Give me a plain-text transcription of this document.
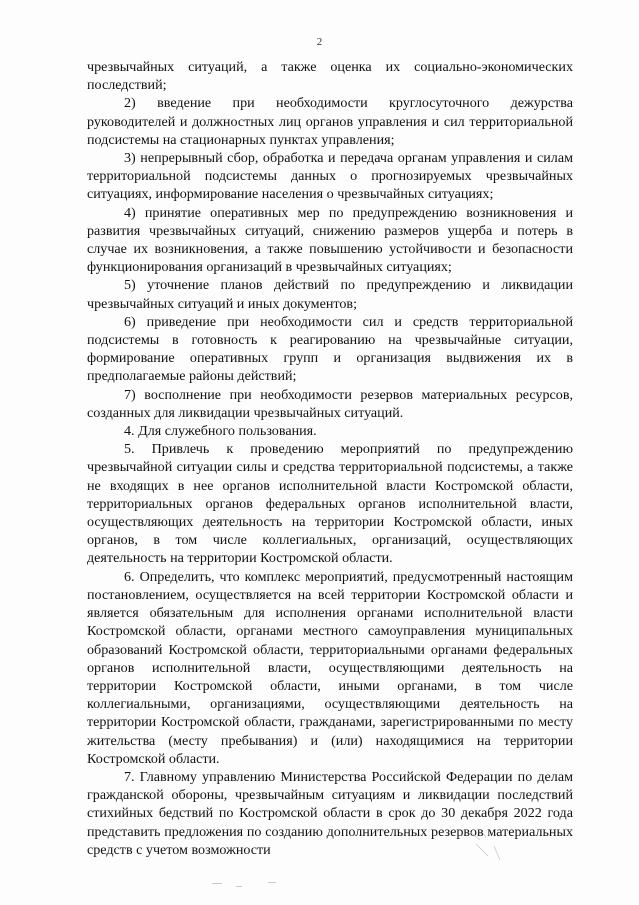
2

чрезвычайных ситуаций, а также оценка их социально-экономических последствий;

2) введение при необходимости круглосуточного дежурства руководителей и должностных лиц органов управления и сил территориальной подсистемы на стационарных пунктах управления;

3) непрерывный сбор, обработка и передача органам управления и силам территориальной подсистемы данных о прогнозируемых чрезвычайных ситуациях, информирование населения о чрезвычайных ситуациях;

4) принятие оперативных мер по предупреждению возникновения и развития чрезвычайных ситуаций, снижению размеров ущерба и потерь в случае их возникновения, а также повышению устойчивости и безопасности функционирования организаций в чрезвычайных ситуациях;

5) уточнение планов действий по предупреждению и ликвидации чрезвычайных ситуаций и иных документов;

6) приведение при необходимости сил и средств территориальной подсистемы в готовность к реагированию на чрезвычайные ситуации, формирование оперативных групп и организация выдвижения их в предполагаемые районы действий;

7) восполнение при необходимости резервов материальных ресурсов, созданных для ликвидации чрезвычайных ситуаций.

4. Для служебного пользования.

5. Привлечь к проведению мероприятий по предупреждению чрезвычайной ситуации силы и средства территориальной подсистемы, а также не входящих в нее органов исполнительной власти Костромской области, территориальных органов федеральных органов исполнительной власти, осуществляющих деятельность на территории Костромской области, иных органов, в том числе коллегиальных, организаций, осуществляющих деятельность на территории Костромской области.

6. Определить, что комплекс мероприятий, предусмотренный настоящим постановлением, осуществляется на всей территории Костромской области и является обязательным для исполнения органами исполнительной власти Костромской области, органами местного самоуправления муниципальных образований Костромской области, территориальными органами федеральных органов исполнительной власти, осуществляющими деятельность на территории Костромской области, иными органами, в том числе коллегиальными, организациями, осуществляющими деятельность на территории Костромской области, гражданами, зарегистрированными по месту жительства (месту пребывания) и (или) находящимися на территории Костромской области.

7. Главному управлению Министерства Российской Федерации по делам гражданской обороны, чрезвычайным ситуациям и ликвидации последствий стихийных бедствий по Костромской области в срок до 30 декабря 2022 года представить предложения по созданию дополнительных резервов материальных средств с учетом возможности
